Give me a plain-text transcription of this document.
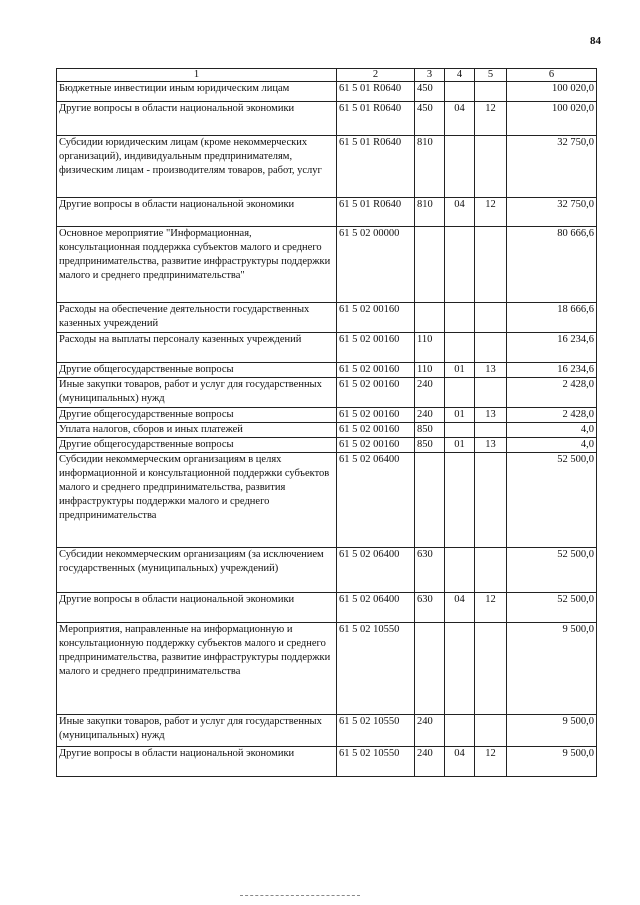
84
1	2	3	4	5	6
Бюджетные инвестиции иным юридическим лицам	61 5 01 R0640	450			100 020,0
Другие вопросы в области национальной экономики	61 5 01 R0640	450	04	12	100 020,0
Субсидии юридическим лицам (кроме некоммерческих организаций), индивидуальным предпринимателям, физическим лицам - производителям товаров, работ, услуг	61 5 01 R0640	810			32 750,0
Другие вопросы в области национальной экономики	61 5 01 R0640	810	04	12	32 750,0
Основное мероприятие "Информационная, консультационная поддержка субъектов малого и среднего предпринимательства, развитие инфраструктуры поддержки малого и среднего предпринимательства"	61 5 02 00000				80 666,6
Расходы на обеспечение деятельности государственных казенных учреждений	61 5 02 00160				18 666,6
Расходы на выплаты персоналу казенных учреждений	61 5 02 00160	110			16 234,6
Другие общегосударственные вопросы	61 5 02 00160	110	01	13	16 234,6
Иные закупки товаров, работ и услуг для государственных (муниципальных) нужд	61 5 02 00160	240			2 428,0
Другие общегосударственные вопросы	61 5 02 00160	240	01	13	2 428,0
Уплата налогов, сборов и иных платежей	61 5 02 00160	850			4,0
Другие общегосударственные вопросы	61 5 02 00160	850	01	13	4,0
Субсидии некоммерческим организациям в целях информационной и консультационной поддержки субъектов малого и среднего предпринимательства, развития инфраструктуры поддержки малого и среднего предпринимательства	61 5 02 06400				52 500,0
Субсидии некоммерческим организациям (за исключением государственных (муниципальных) учреждений)	61 5 02 06400	630			52 500,0
Другие вопросы в области национальной экономики	61 5 02 06400	630	04	12	52 500,0
Мероприятия, направленные на информационную и консультационную поддержку субъектов малого и среднего предпринимательства, развитие инфраструктуры поддержки малого и среднего предпринимательства	61 5 02 10550				9 500,0
Иные закупки товаров, работ и услуг для государственных (муниципальных) нужд	61 5 02 10550	240			9 500,0
Другие вопросы в области национальной экономики	61 5 02 10550	240	04	12	9 500,0
